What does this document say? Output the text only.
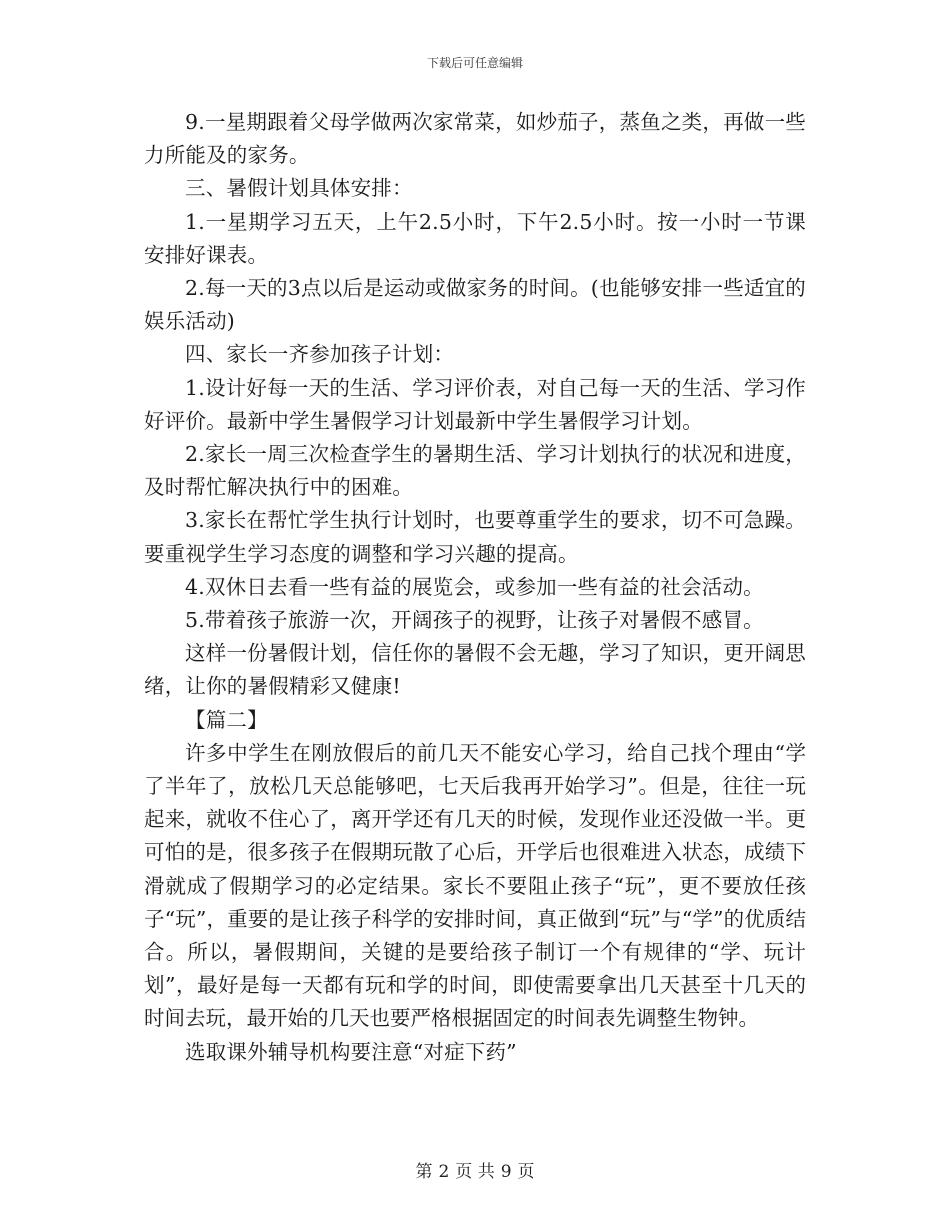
下载后可任意编辑

9.一星期跟着父母学做两次家常菜，如炒茄子，蒸鱼之类，再做一些力所能及的家务。

三、暑假计划具体安排：

1.一星期学习五天，上午2.5小时，下午2.5小时。按一小时一节课安排好课表。

2.每一天的3点以后是运动或做家务的时间。(也能够安排一些适宜的娱乐活动)

四、家长一齐参加孩子计划：

1.设计好每一天的生活、学习评价表，对自己每一天的生活、学习作好评价。最新中学生暑假学习计划最新中学生暑假学习计划。

2.家长一周三次检查学生的暑期生活、学习计划执行的状况和进度，及时帮忙解决执行中的困难。

3.家长在帮忙学生执行计划时，也要尊重学生的要求，切不可急躁。要重视学生学习态度的调整和学习兴趣的提高。

4.双休日去看一些有益的展览会，或参加一些有益的社会活动。

5.带着孩子旅游一次，开阔孩子的视野，让孩子对暑假不感冒。

这样一份暑假计划，信任你的暑假不会无趣，学习了知识，更开阔思绪，让你的暑假精彩又健康!

【篇二】

许多中学生在刚放假后的前几天不能安心学习，给自己找个理由“学了半年了，放松几天总能够吧，七天后我再开始学习”。但是，往往一玩起来，就收不住心了，离开学还有几天的时候，发现作业还没做一半。更可怕的是，很多孩子在假期玩散了心后，开学后也很难进入状态，成绩下滑就成了假期学习的必定结果。家长不要阻止孩子“玩”，更不要放任孩子“玩”，重要的是让孩子科学的安排时间，真正做到“玩”与“学”的优质结合。所以，暑假期间，关键的是要给孩子制订一个有规律的“学、玩计划”，最好是每一天都有玩和学的时间，即使需要拿出几天甚至十几天的时间去玩，最开始的几天也要严格根据固定的时间表先调整生物钟。

选取课外辅导机构要注意“对症下药”

第 2 页 共 9 页
